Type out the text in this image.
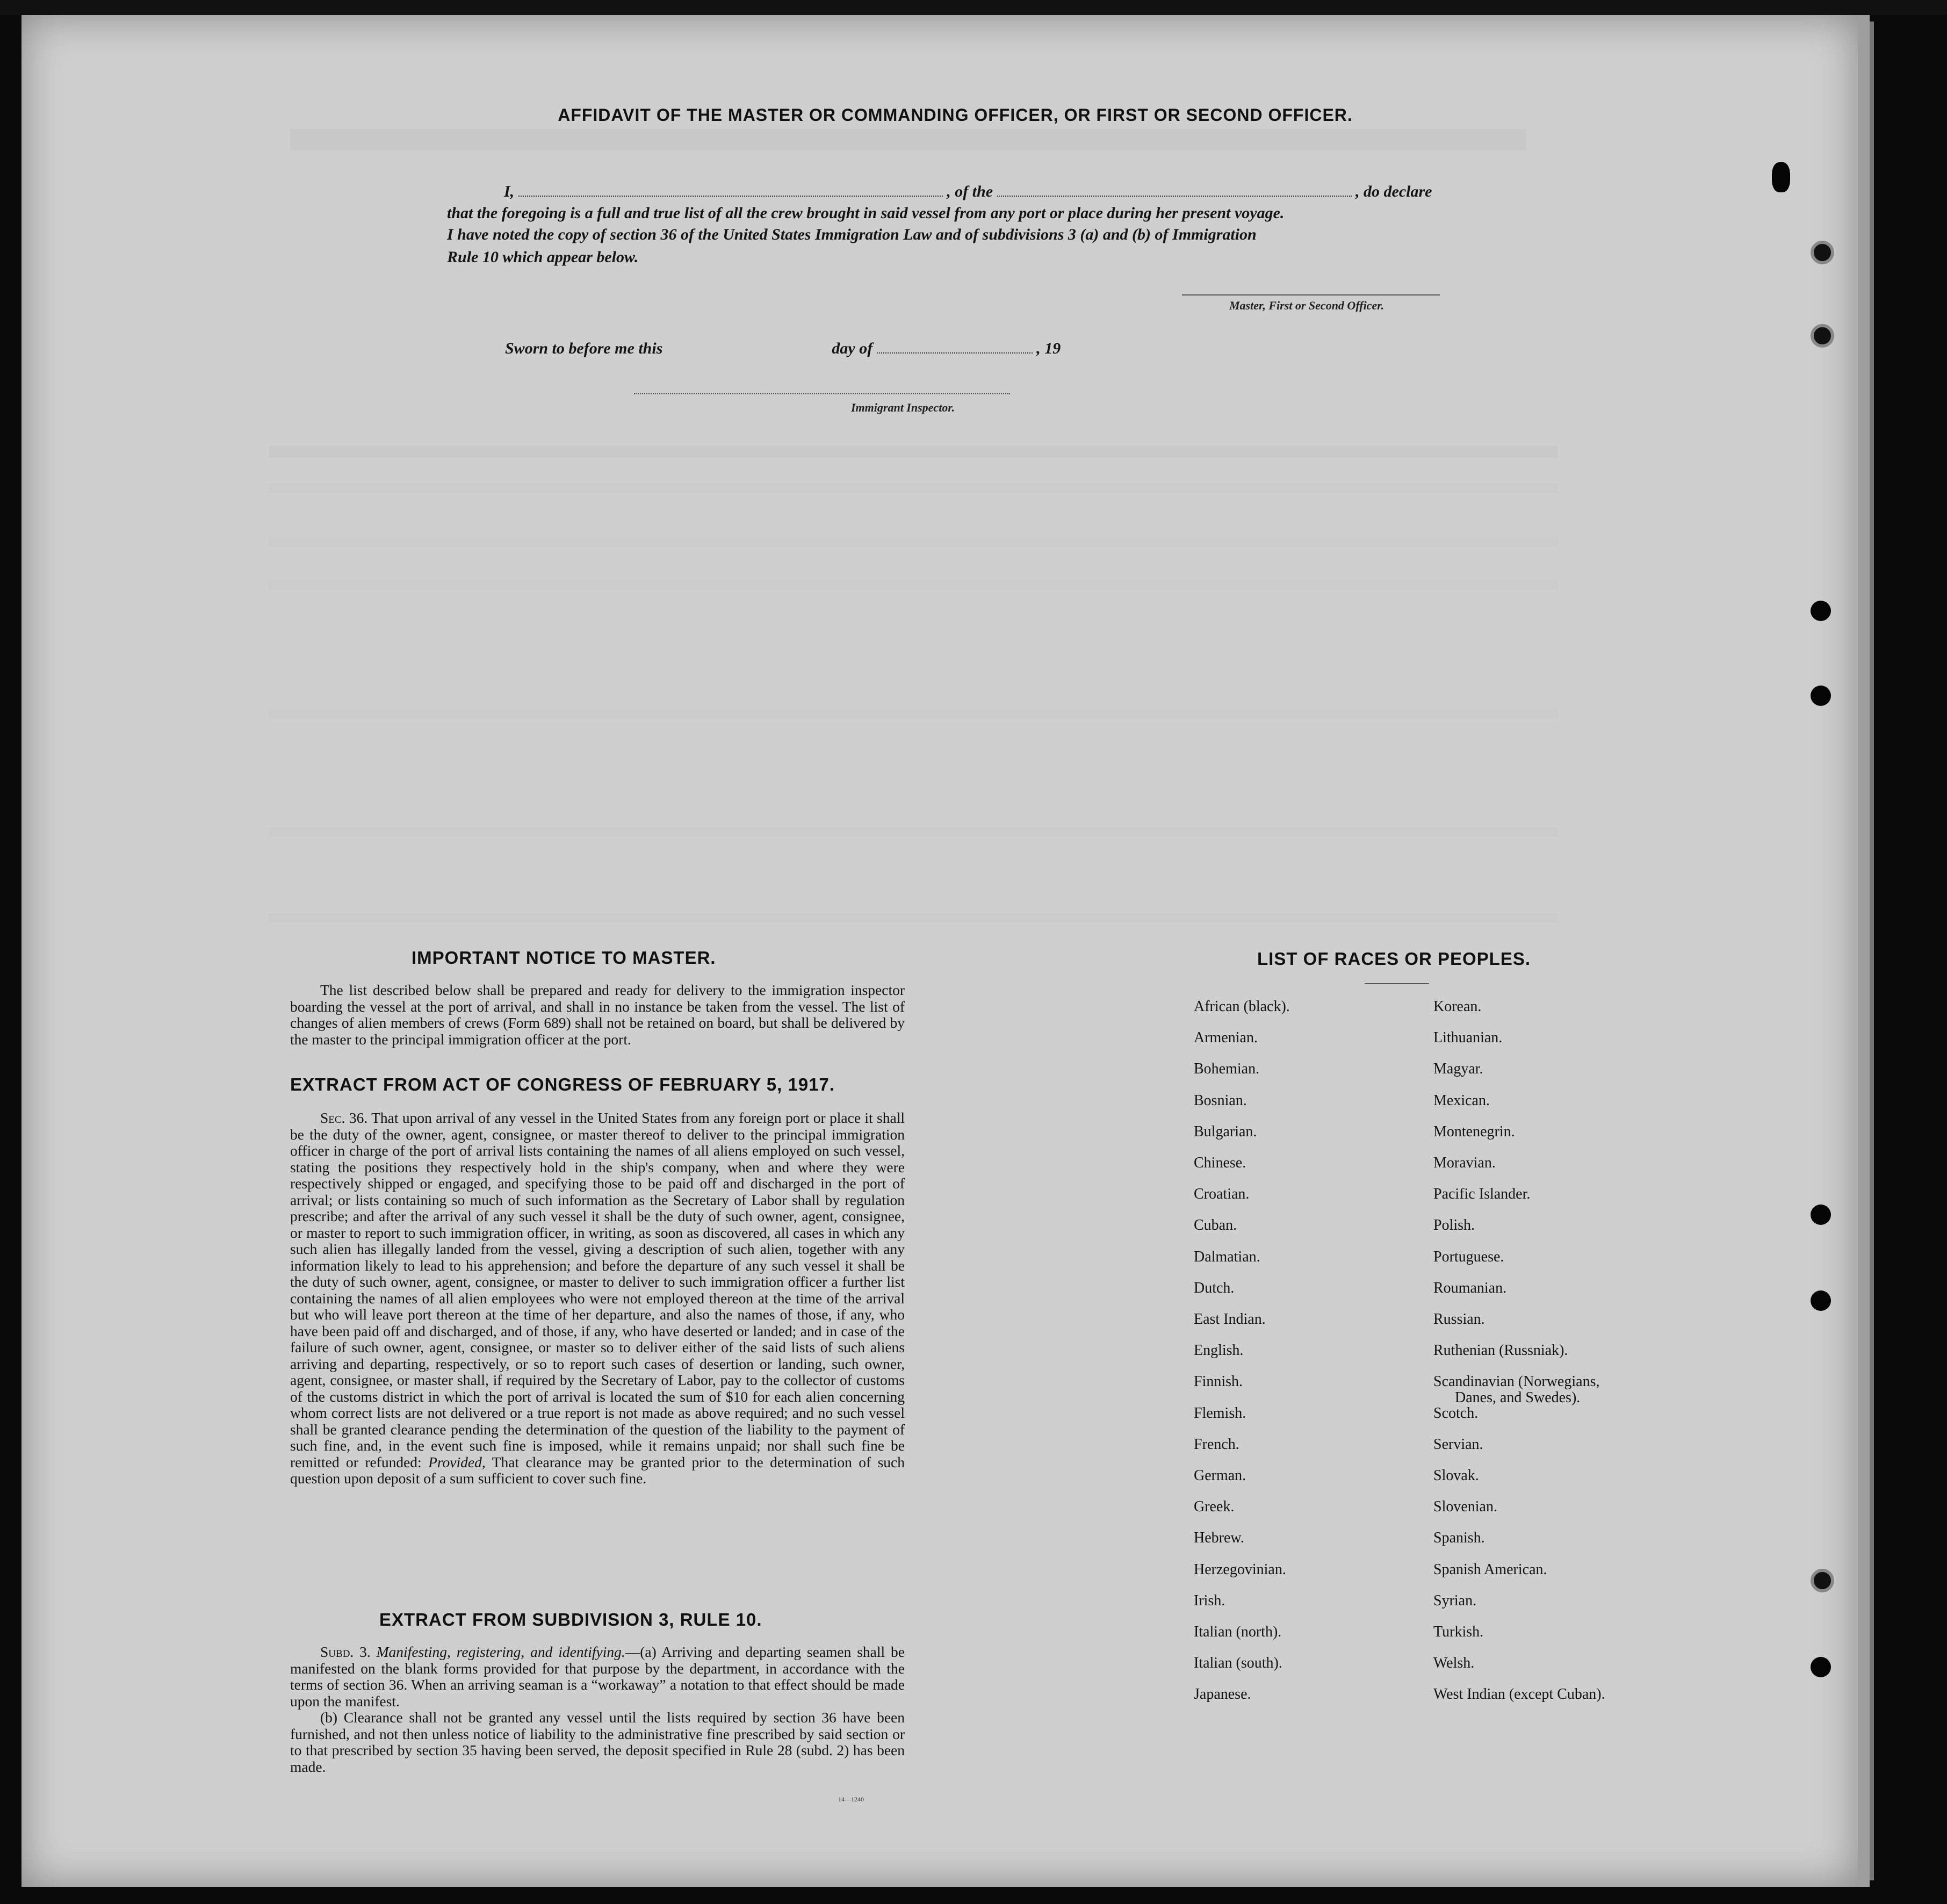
AFFIDAVIT OF THE MASTER OR COMMANDING OFFICER, OR FIRST OR SECOND OFFICER.
I,	, of the	, do declare
that the foregoing is a full and true list of all the crew brought in said vessel from any port or place during her present voyage.
I have noted the copy of section 36 of the United States Immigration Law and of subdivisions 3 (a) and (b) of Immigration
Rule 10 which appear below.
Master, First or Second Officer.
Sworn to before me this	day of	, 19
Immigrant Inspector.
IMPORTANT NOTICE TO MASTER.

The list described below shall be prepared and ready for delivery to the immigration inspector boarding the vessel at the port of arrival, and shall in no instance be taken from the vessel. The list of changes of alien members of crews (Form 689) shall not be retained on board, but shall be delivered by the master to the principal immigration officer at the port.

EXTRACT FROM ACT OF CONGRESS OF FEBRUARY 5, 1917.

Sec. 36. That upon arrival of any vessel in the United States from any foreign port or place it shall be the duty of the owner, agent, consignee, or master thereof to deliver to the principal immigration officer in charge of the port of arrival lists containing the names of all aliens employed on such vessel, stating the positions they respectively hold in the ship's company, when and where they were respectively shipped or engaged, and specifying those to be paid off and discharged in the port of arrival; or lists containing so much of such information as the Secretary of Labor shall by regulation prescribe; and after the arrival of any such vessel it shall be the duty of such owner, agent, consignee, or master to report to such immigration officer, in writing, as soon as discovered, all cases in which any such alien has illegally landed from the vessel, giving a description of such alien, together with any information likely to lead to his apprehension; and before the departure of any such vessel it shall be the duty of such owner, agent, consignee, or master to deliver to such immigration officer a further list containing the names of all alien employees who were not employed thereon at the time of the arrival but who will leave port thereon at the time of her departure, and also the names of those, if any, who have been paid off and discharged, and of those, if any, who have deserted or landed; and in case of the failure of such owner, agent, consignee, or master so to deliver either of the said lists of such aliens arriving and departing, respectively, or so to report such cases of desertion or landing, such owner, agent, consignee, or master shall, if required by the Secretary of Labor, pay to the collector of customs of the customs district in which the port of arrival is located the sum of $10 for each alien concerning whom correct lists are not delivered or a true report is not made as above required; and no such vessel shall be granted clearance pending the determination of the question of the liability to the payment of such fine, and, in the event such fine is imposed, while it remains unpaid; nor shall such fine be remitted or refunded: Provided, That clearance may be granted prior to the determination of such question upon deposit of a sum sufficient to cover such fine.

EXTRACT FROM SUBDIVISION 3, RULE 10.

Subd. 3. Manifesting, registering, and identifying.—(a) Arriving and departing seamen shall be manifested on the blank forms provided for that purpose by the department, in accordance with the terms of section 36. When an arriving seaman is a “workaway” a notation to that effect should be made upon the manifest.

(b) Clearance shall not be granted any vessel until the lists required by section 36 have been furnished, and not then unless notice of liability to the administrative fine prescribed by said section or to that prescribed by section 35 having been served, the deposit specified in Rule 28 (subd. 2) has been made.

14—1240
LIST OF RACES OR PEOPLES.
African (black).
Armenian.
Bohemian.
Bosnian.
Bulgarian.
Chinese.
Croatian.
Cuban.
Dalmatian.
Dutch.
East Indian.
English.
Finnish.
Flemish.
French.
German.
Greek.
Hebrew.
Herzegovinian.
Irish.
Italian (north).
Italian (south).
Japanese.
Korean.
Lithuanian.
Magyar.
Mexican.
Montenegrin.
Moravian.
Pacific Islander.
Polish.
Portuguese.
Roumanian.
Russian.
Ruthenian (Russniak).
Scandinavian (Norwegians,
Danes, and Swedes).
Scotch.
Servian.
Slovak.
Slovenian.
Spanish.
Spanish American.
Syrian.
Turkish.
Welsh.
West Indian (except Cuban).
